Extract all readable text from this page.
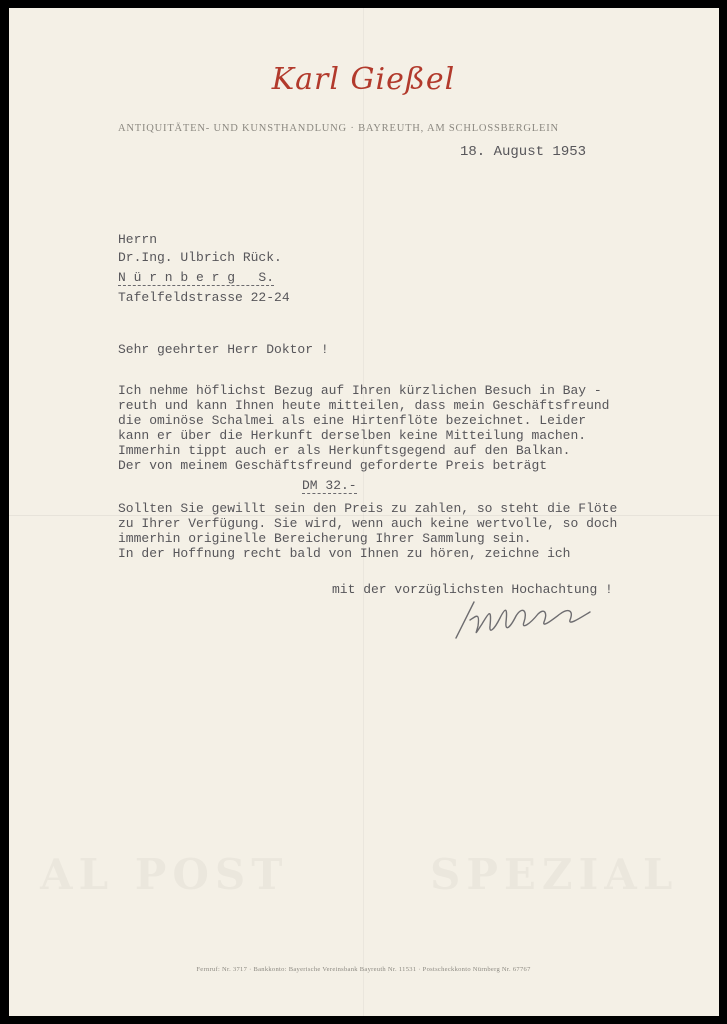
Karl Gießel
ANTIQUITÄTEN- UND KUNSTHANDLUNG · BAYREUTH, AM SCHLOSSBERGLEIN
18. August 1953
Herrn
Dr.Ing. Ulbrich Rück.
N ü r n b e r g   S.
Tafelfeldstrasse 22-24
Sehr geehrter Herr Doktor !
Ich nehme höflichst Bezug auf Ihren kürzlichen Besuch in Bay -
reuth und kann Ihnen heute mitteilen, dass mein Geschäftsfreund
die ominöse Schalmei als eine Hirtenflöte bezeichnet. Leider
kann er über die Herkunft derselben keine Mitteilung machen.
Immerhin tippt auch er als Herkunftsgegend auf den Balkan.
Der von meinem Geschäftsfreund geforderte Preis beträgt
DM 32.-
Sollten Sie gewillt sein den Preis zu zahlen, so steht die Flöte
zu Ihrer Verfügung. Sie wird, wenn auch keine wertvolle, so doch
immerhin originelle Bereicherung Ihrer Sammlung sein.
In der Hoffnung recht bald von Ihnen zu hören, zeichne ich
mit der vorzüglichsten Hochachtung !
Fernruf: Nr. 3717 · Bankkonto: Bayerische Vereinsbank Bayreuth Nr. 11531 · Postscheckkonto Nürnberg Nr. 67767
